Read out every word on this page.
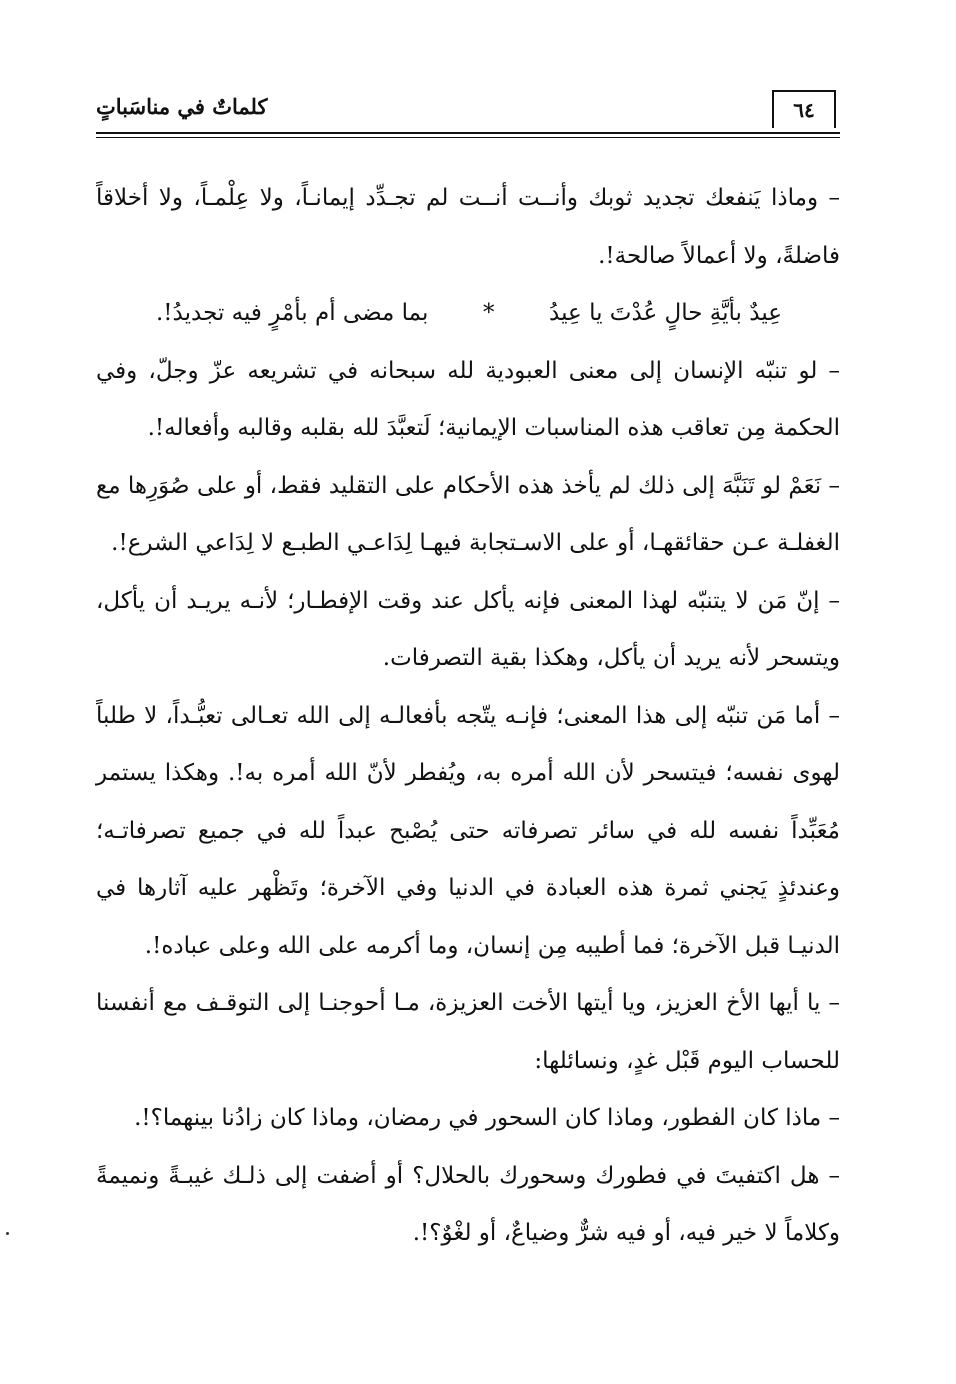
٦٤
كلماتٌ في مناسَباتٍ

– وماذا يَنفعك تجديد ثوبك وأنــت أنــت لم تجـدِّد إيمانـاً، ولا عِلْمـاً، ولا أخلاقاً فاضلةً، ولا أعمالاً صالحة!.

عِيدٌ بأيَّةِ حالٍ عُدْتَ يا عِيدُ
*
بما مضى أم بأمْرٍ فيه تجديدُ!.

– لو تنبّه الإنسان إلى معنى العبودية لله سبحانه في تشريعه عزّ وجلّ، وفي الحكمة مِن تعاقب هذه المناسبات الإيمانية؛ لَتعبَّدَ لله بقلبه وقالبه وأفعاله!.

– نَعَمْ لو تَنَبَّهَ إلى ذلك لم يأخذ هذه الأحكام على التقليد فقط، أو على صُوَرِها مع الغفلـة عـن حقائقهـا، أو على الاسـتجابة فيهـا لِدَاعـي الطبـع لا لِدَاعي الشرع!.

– إنّ مَن لا يتنبّه لهذا المعنى فإنه يأكل عند وقت الإفطـار؛ لأنـه يريـد أن يأكل، ويتسحر لأنه يريد أن يأكل، وهكذا بقية التصرفات.

– أما مَن تنبّه إلى هذا المعنى؛ فإنـه يتّجه بأفعالـه إلى الله تعـالى تعبُّـداً، لا طلباً لهوى نفسه؛ فيتسحر لأن الله أمره به، ويُفطر لأنّ الله أمره به!. وهكذا يستمر مُعَبِّداً نفسه لله في سائر تصرفاته حتى يُصْبح عبداً لله في جميع تصرفاتـه؛ وعندئذٍ يَجني ثمرة هذه العبادة في الدنيا وفي الآخرة؛ وتَظْهر عليه آثارها في الدنيـا قبل الآخرة؛ فما أطيبه مِن إنسان، وما أكرمه على الله وعلى عباده!.

– يا أيها الأخ العزيز، ويا أيتها الأخت العزيزة، مـا أحوجنـا إلى التوقـف مع أنفسنا للحساب اليوم قَبْل غدٍ، ونسائلها:

– ماذا كان الفطور، وماذا كان السحور في رمضان، وماذا كان زادُنا بينهما؟!.

– هل اكتفيتَ في فطورك وسحورك بالحلال؟ أو أضفت إلى ذلـك غيبـةً ونميمةً وكلاماً لا خير فيه، أو فيه شرٌّ وضياعٌ، أو لغْوٌ؟!.
